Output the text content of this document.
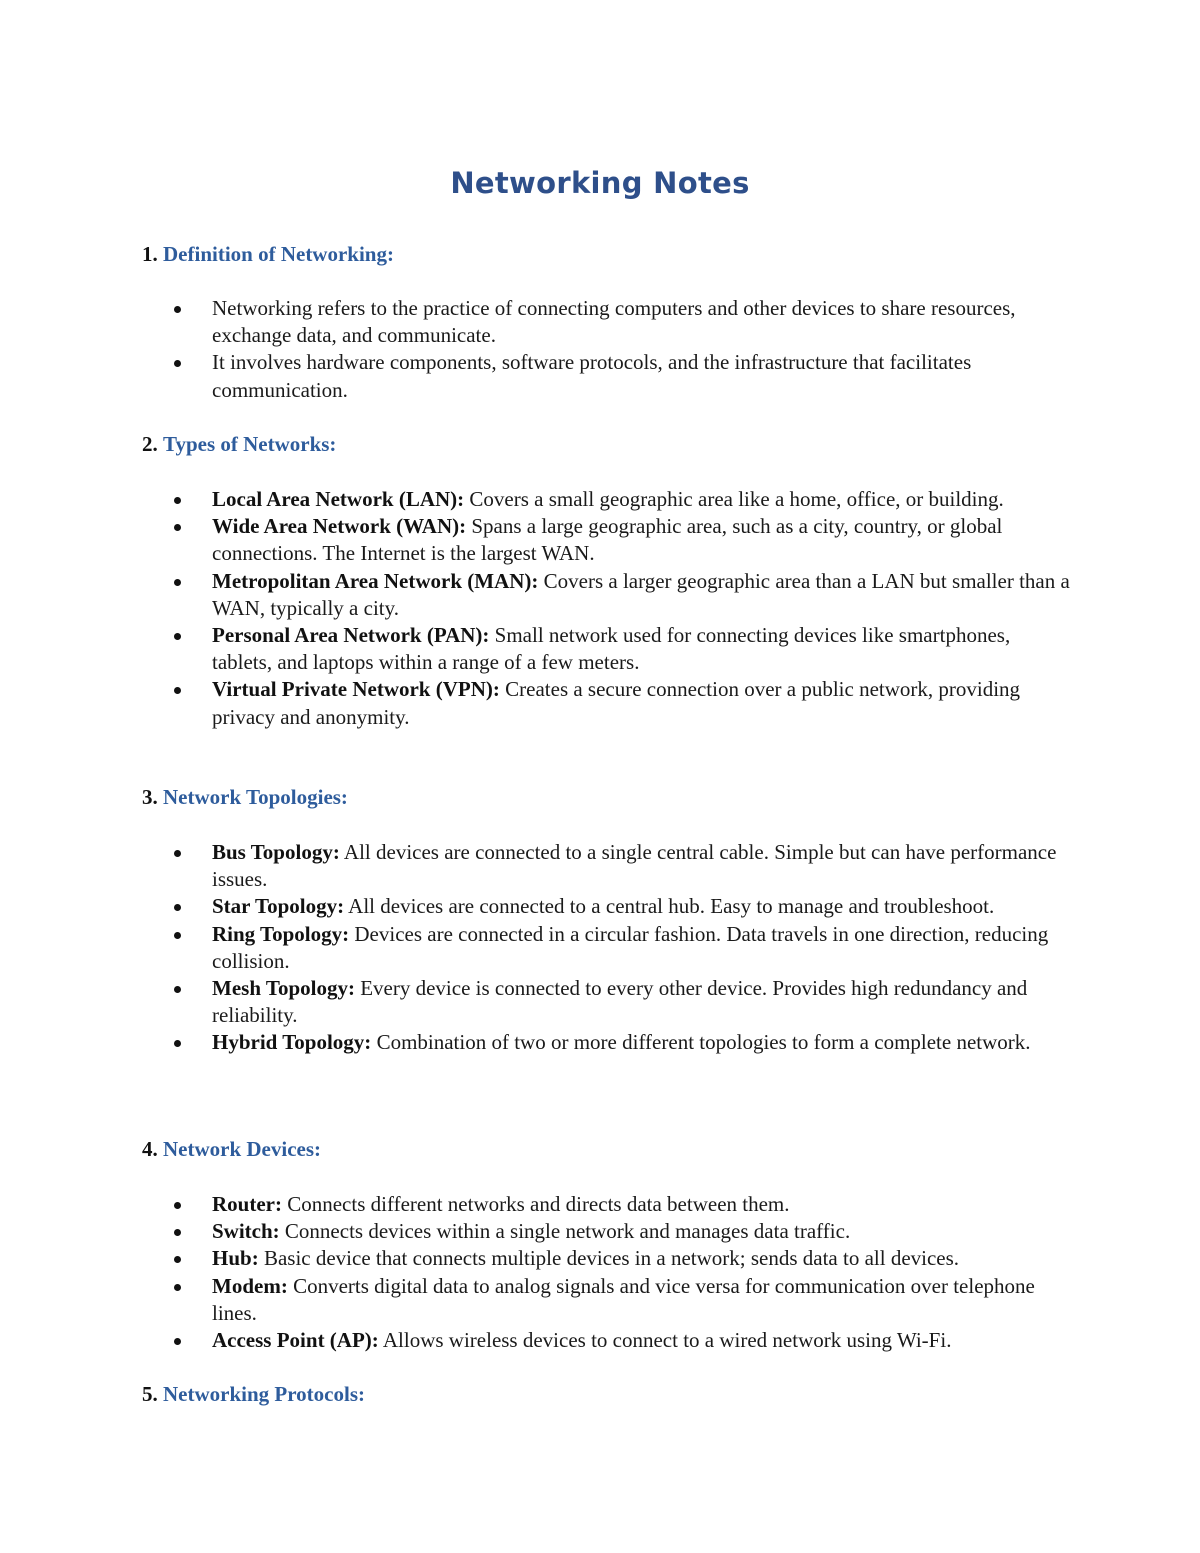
Networking Notes

1. Definition of Networking:

Networking refers to the practice of connecting computers and other devices to share resources, exchange data, and communicate.
It involves hardware components, software protocols, and the infrastructure that facilitates communication.

2. Types of Networks:

Local Area Network (LAN): Covers a small geographic area like a home, office, or building.
Wide Area Network (WAN): Spans a large geographic area, such as a city, country, or global connections. The Internet is the largest WAN.
Metropolitan Area Network (MAN): Covers a larger geographic area than a LAN but smaller than a WAN, typically a city.
Personal Area Network (PAN): Small network used for connecting devices like smartphones, tablets, and laptops within a range of a few meters.
Virtual Private Network (VPN): Creates a secure connection over a public network, providing privacy and anonymity.

3. Network Topologies:

Bus Topology: All devices are connected to a single central cable. Simple but can have performance issues.
Star Topology: All devices are connected to a central hub. Easy to manage and troubleshoot.
Ring Topology: Devices are connected in a circular fashion. Data travels in one direction, reducing collision.
Mesh Topology: Every device is connected to every other device. Provides high redundancy and reliability.
Hybrid Topology: Combination of two or more different topologies to form a complete network.

4. Network Devices:

Router: Connects different networks and directs data between them.
Switch: Connects devices within a single network and manages data traffic.
Hub: Basic device that connects multiple devices in a network; sends data to all devices.
Modem: Converts digital data to analog signals and vice versa for communication over telephone lines.
Access Point (AP): Allows wireless devices to connect to a wired network using Wi-Fi.

5. Networking Protocols:
